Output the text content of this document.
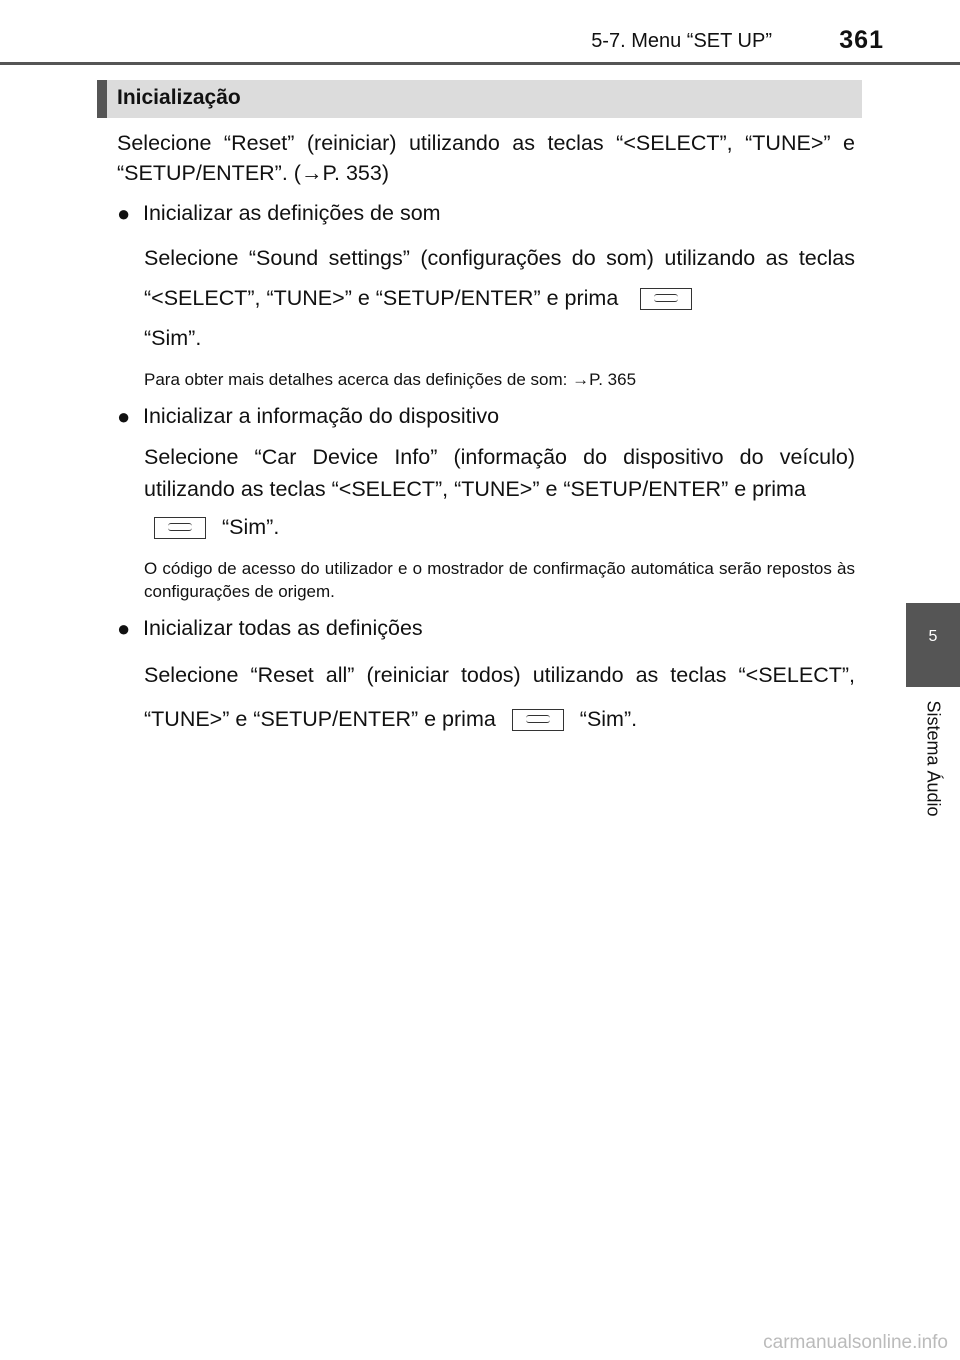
5-7. Menu “SET UP”	361
5
Sistema Áudio
Inicialização

Selecione “Reset” (reiniciar) utilizando as teclas “<SELECT”, “TUNE>” e “SETUP/ENTER”. (→P. 353)

● Inicializar as definições de som

Selecione “Sound settings” (configurações do som) utilizando as teclas “<SELECT”, “TUNE>” e “SETUP/ENTER” e prima

“Sim”.

Para obter mais detalhes acerca das definições de som: →P. 365

● Inicializar a informação do dispositivo

Selecione “Car Device Info” (informação do dispositivo do veículo) utilizando as teclas “<SELECT”, “TUNE>” e “SETUP/ENTER” e prima

“Sim”.

O código de acesso do utilizador e o mostrador de confirmação automática serão repostos às configurações de origem.

● Inicializar todas as definições

Selecione “Reset all” (reiniciar todos) utilizando as teclas “<SELECT”, “TUNE>” e “SETUP/ENTER” e prima	“Sim”.

carmanualsonline.info
